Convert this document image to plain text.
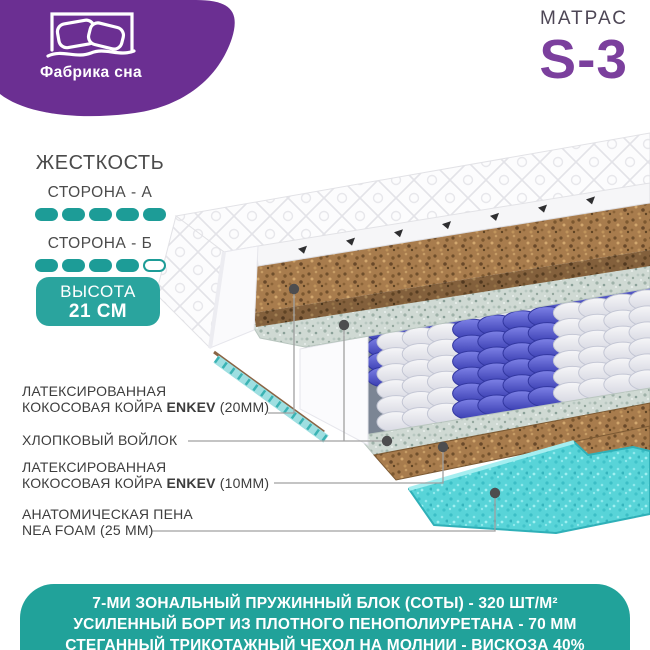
Фабрика сна
МАТРАС
S-3
ЖЕСТКОСТЬ
СТОРОНА - А
СТОРОНА - Б
ВЫСОТА
21 СМ
ЛАТЕКСИРОВАННАЯ
КОКОСОВАЯ КОЙРА ENKEV (20ММ)
ХЛОПКОВЫЙ ВОЙЛОК
ЛАТЕКСИРОВАННАЯ
КОКОСОВАЯ КОЙРА ENKEV (10ММ)
АНАТОМИЧЕСКАЯ ПЕНА
NEA FOAM (25 ММ)

7-МИ ЗОНАЛЬНЫЙ ПРУЖИННЫЙ БЛОК (СОТЫ) - 320 ШТ/М²

УСИЛЕННЫЙ БОРТ ИЗ ПЛОТНОГО ПЕНОПОЛИУРЕТАНА - 70 ММ

СТЕГАННЫЙ ТРИКОТАЖНЫЙ ЧЕХОЛ НА МОЛНИИ - ВИСКОЗА 40%
